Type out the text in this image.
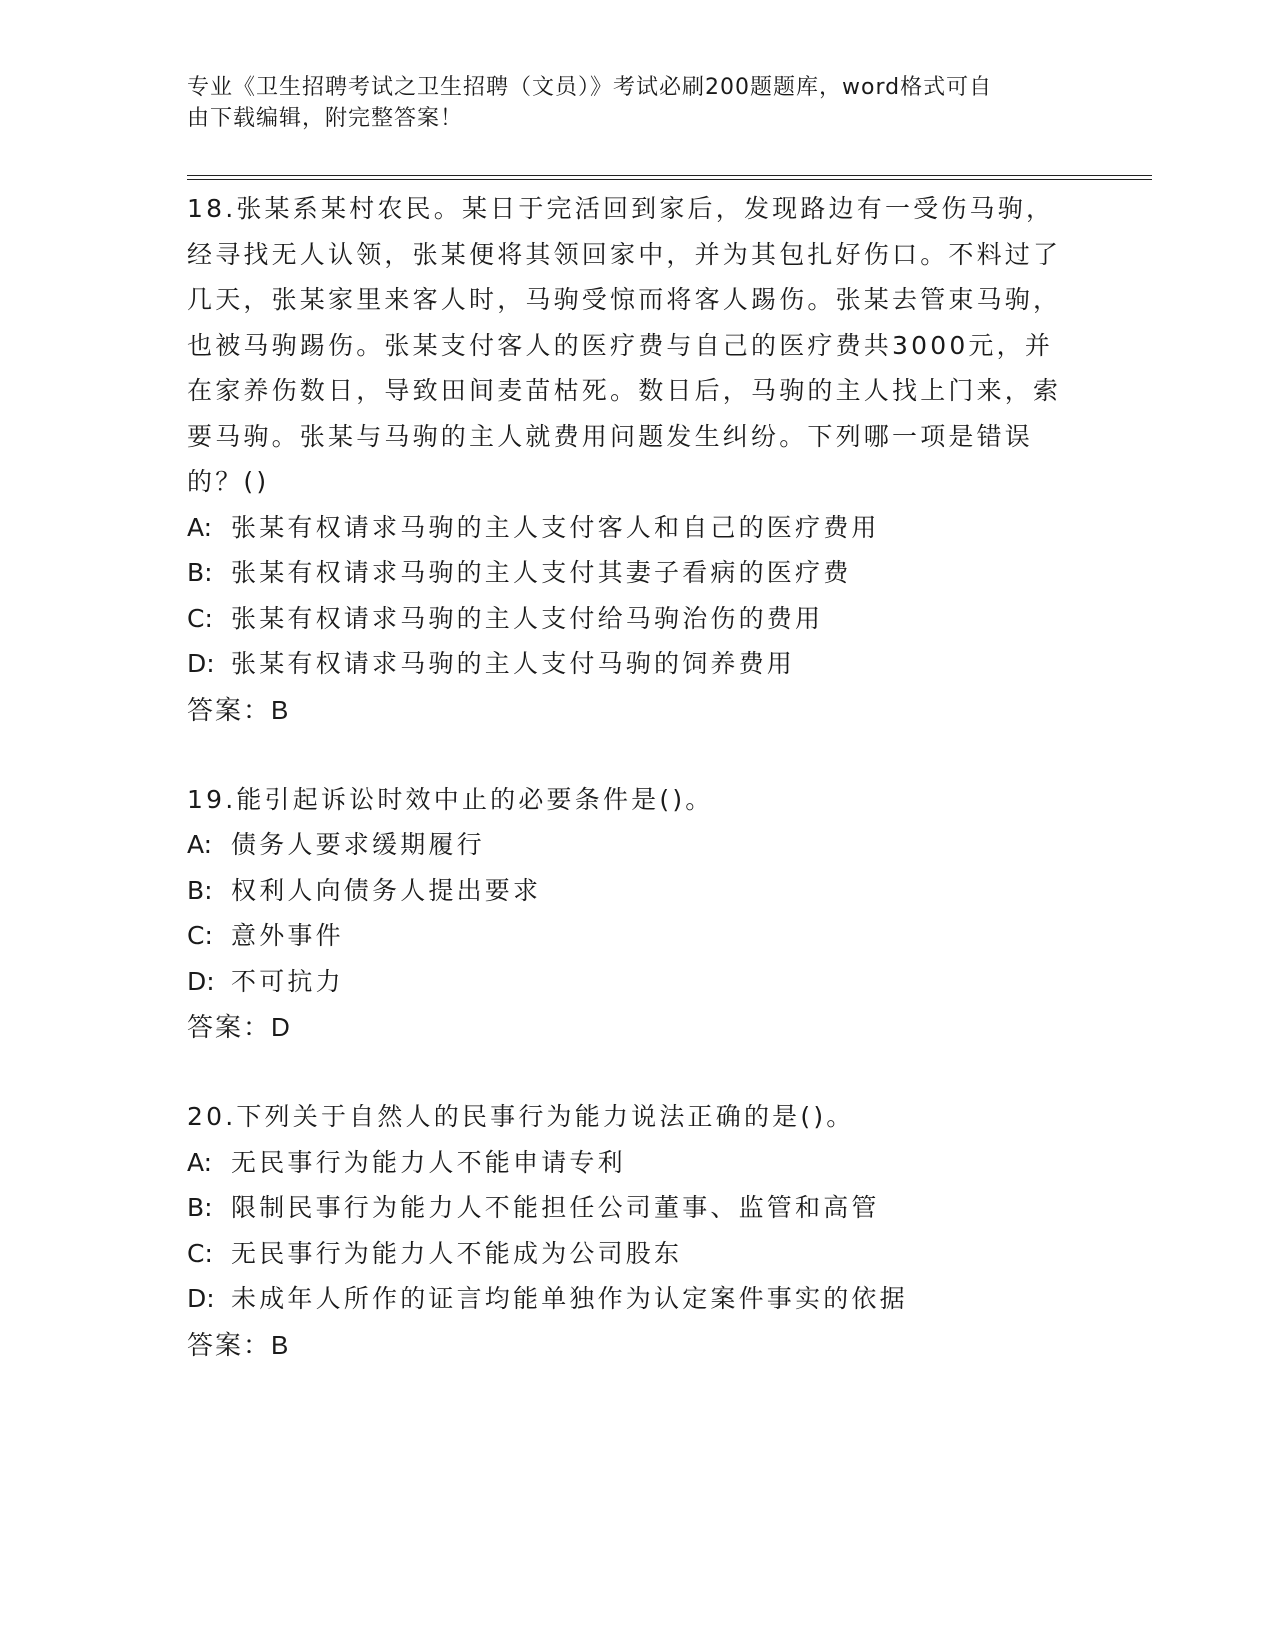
专业《卫生招聘考试之卫生招聘（文员）》考试必刷200题题库，word格式可自
由下载编辑，附完整答案！
18.张某系某村农民。某日于完活回到家后，发现路边有一受伤马驹，经寻找无人认领，张某便将其领回家中，并为其包扎好伤口。不料过了几天，张某家里来客人时，马驹受惊而将客人踢伤。张某去管束马驹，也被马驹踢伤。张某支付客人的医疗费与自己的医疗费共3000元，并在家养伤数日，导致田间麦苗枯死。数日后，马驹的主人找上门来，索要马驹。张某与马驹的主人就费用问题发生纠纷。下列哪一项是错误的？()
A: 张某有权请求马驹的主人支付客人和自己的医疗费用
B: 张某有权请求马驹的主人支付其妻子看病的医疗费
C: 张某有权请求马驹的主人支付给马驹治伤的费用
D: 张某有权请求马驹的主人支付马驹的饲养费用
答案：B
19.能引起诉讼时效中止的必要条件是()。
A: 债务人要求缓期履行
B: 权利人向债务人提出要求
C: 意外事件
D: 不可抗力
答案：D
20.下列关于自然人的民事行为能力说法正确的是()。
A: 无民事行为能力人不能申请专利
B: 限制民事行为能力人不能担任公司董事、监管和高管
C: 无民事行为能力人不能成为公司股东
D: 未成年人所作的证言均能单独作为认定案件事实的依据
答案：B
